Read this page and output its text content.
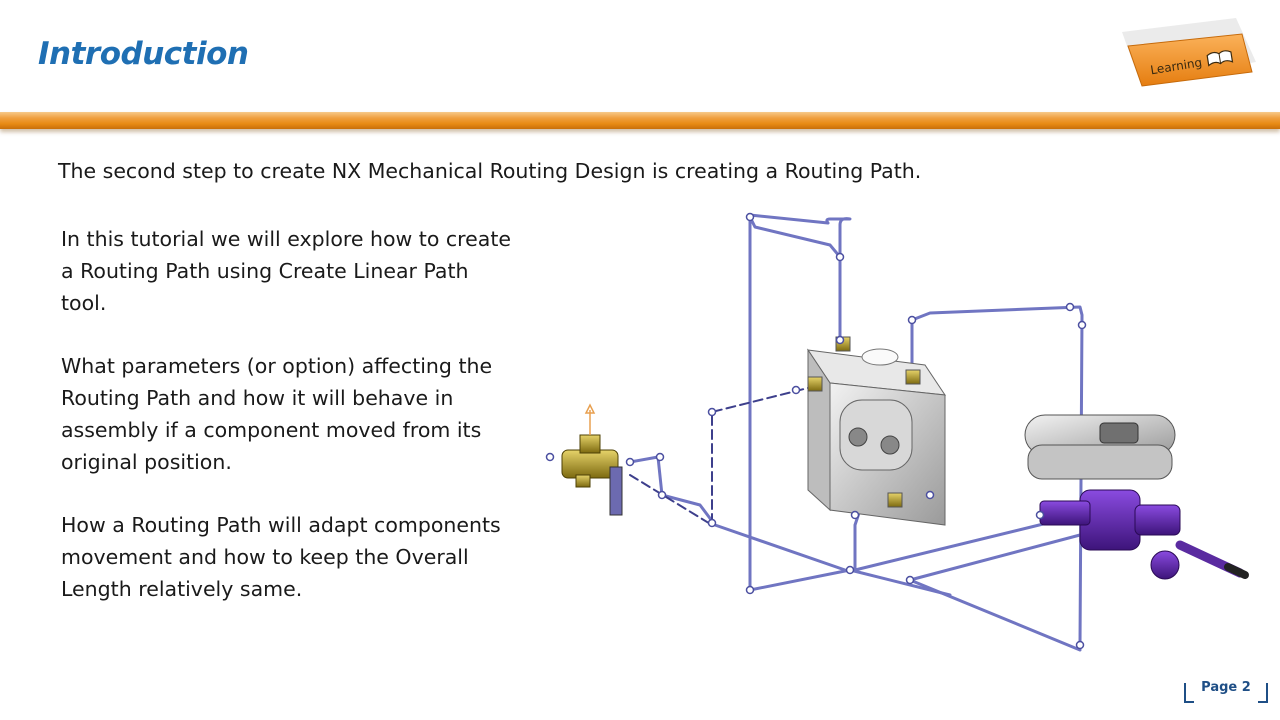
Introduction	Learning

The second step to create NX Mechanical Routing Design is creating a Routing Path.

In this tutorial we will explore how to create a Routing Path using Create Linear Path tool.

What parameters (or option) affecting the Routing Path and how it will behave in assembly if a component moved from its original position.

How a Routing Path will adapt components movement and how to keep the Overall Length relatively same.

Page 2
